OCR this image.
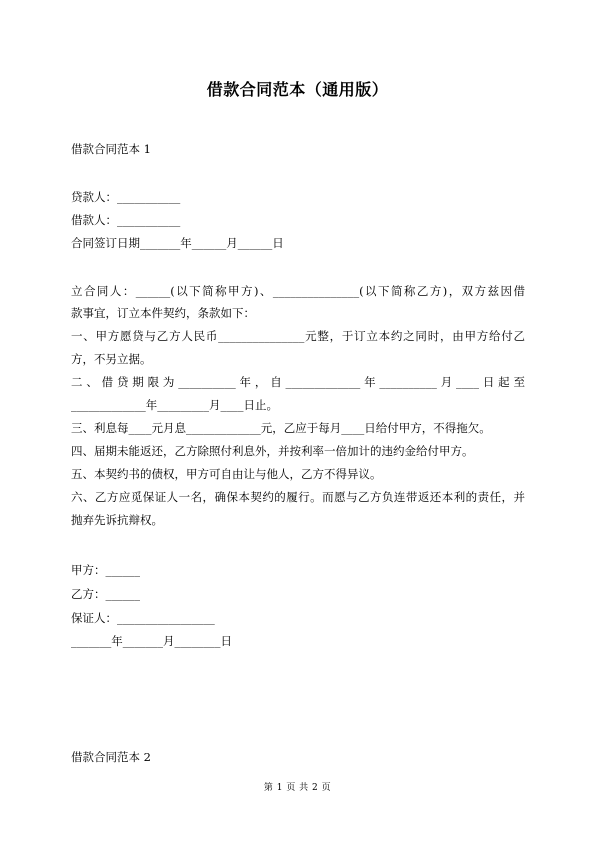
借款合同范本（通用版）
借款合同范本 1
贷款人：___________
借款人：___________
合同签订日期_______年______月______日
立合同人：______(以下简称甲方)、_______________(以下简称乙方)，双方兹因借
款事宜，订立本件契约，条款如下：
一、甲方愿贷与乙方人民币_______________元整，于订立本约之同时，由甲方给付乙
方，不另立据。
二、借贷期限为__________年，自_____________年__________月____日起至
_____________年_________月____日止。
三、利息每____元月息_____________元，乙应于每月____日给付甲方，不得拖欠。
四、届期未能返还，乙方除照付利息外，并按利率一倍加计的违约金给付甲方。
五、本契约书的债权，甲方可自由让与他人，乙方不得异议。
六、乙方应觅保证人一名，确保本契约的履行。而愿与乙方负连带返还本利的责任，并
抛弃先诉抗辩权。
甲方：______
乙方：______
保证人：_________________
_______年_______月________日
借款合同范本 2
第 1 页 共 2 页
